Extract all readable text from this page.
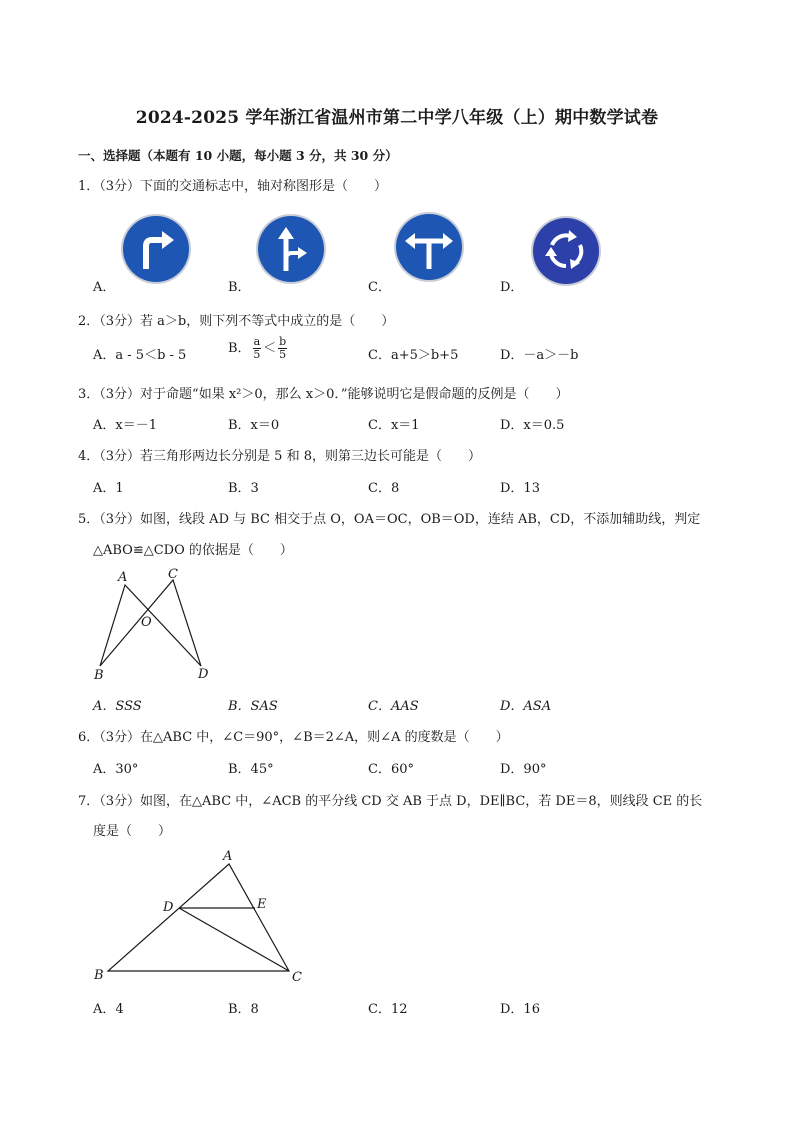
2024-2025 学年浙江省温州市第二中学八年级（上）期中数学试卷
一、选择题（本题有 10 小题，每小题 3 分，共 30 分）
1．（3分）下面的交通标志中，轴对称图形是（　　）
A．	B．	C．	D．
2．（3分）若 a＞b，则下列不等式中成立的是（　　）
A．a - 5＜b - 5	B． $\frac{a}{5} < \frac{b}{5}$	C．a+5＞b+5	D．－a＞－b
3．（3分）对于命题“如果 x²＞0，那么 x＞0．”能够说明它是假命题的反例是（　　）
A．x＝－1	B．x＝0	C．x＝1	D．x＝0.5
4．（3分）若三角形两边长分别是 5 和 8，则第三边长可能是（　　）
A．1	B．3	C．8	D．13
5．（3分）如图，线段 AD 与 BC 相交于点 O，OA＝OC，OB＝OD，连结 AB，CD，不添加辅助线，判定
△ABO≌△CDO 的依据是（　　）
A	C
O
B	D
A．SSS	B．SAS	C．AAS	D．ASA
6．（3分）在△ABC 中，∠C＝90°，∠B＝2∠A，则∠A 的度数是（　　）
A．30°	B．45°	C．60°	D．90°
7．（3分）如图，在△ABC 中，∠ACB 的平分线 CD 交 AB 于点 D，DE∥BC，若 DE＝8，则线段 CE 的长
度是（　　）
A
D	E
B	C
A．4	B．8	C．12	D．16
